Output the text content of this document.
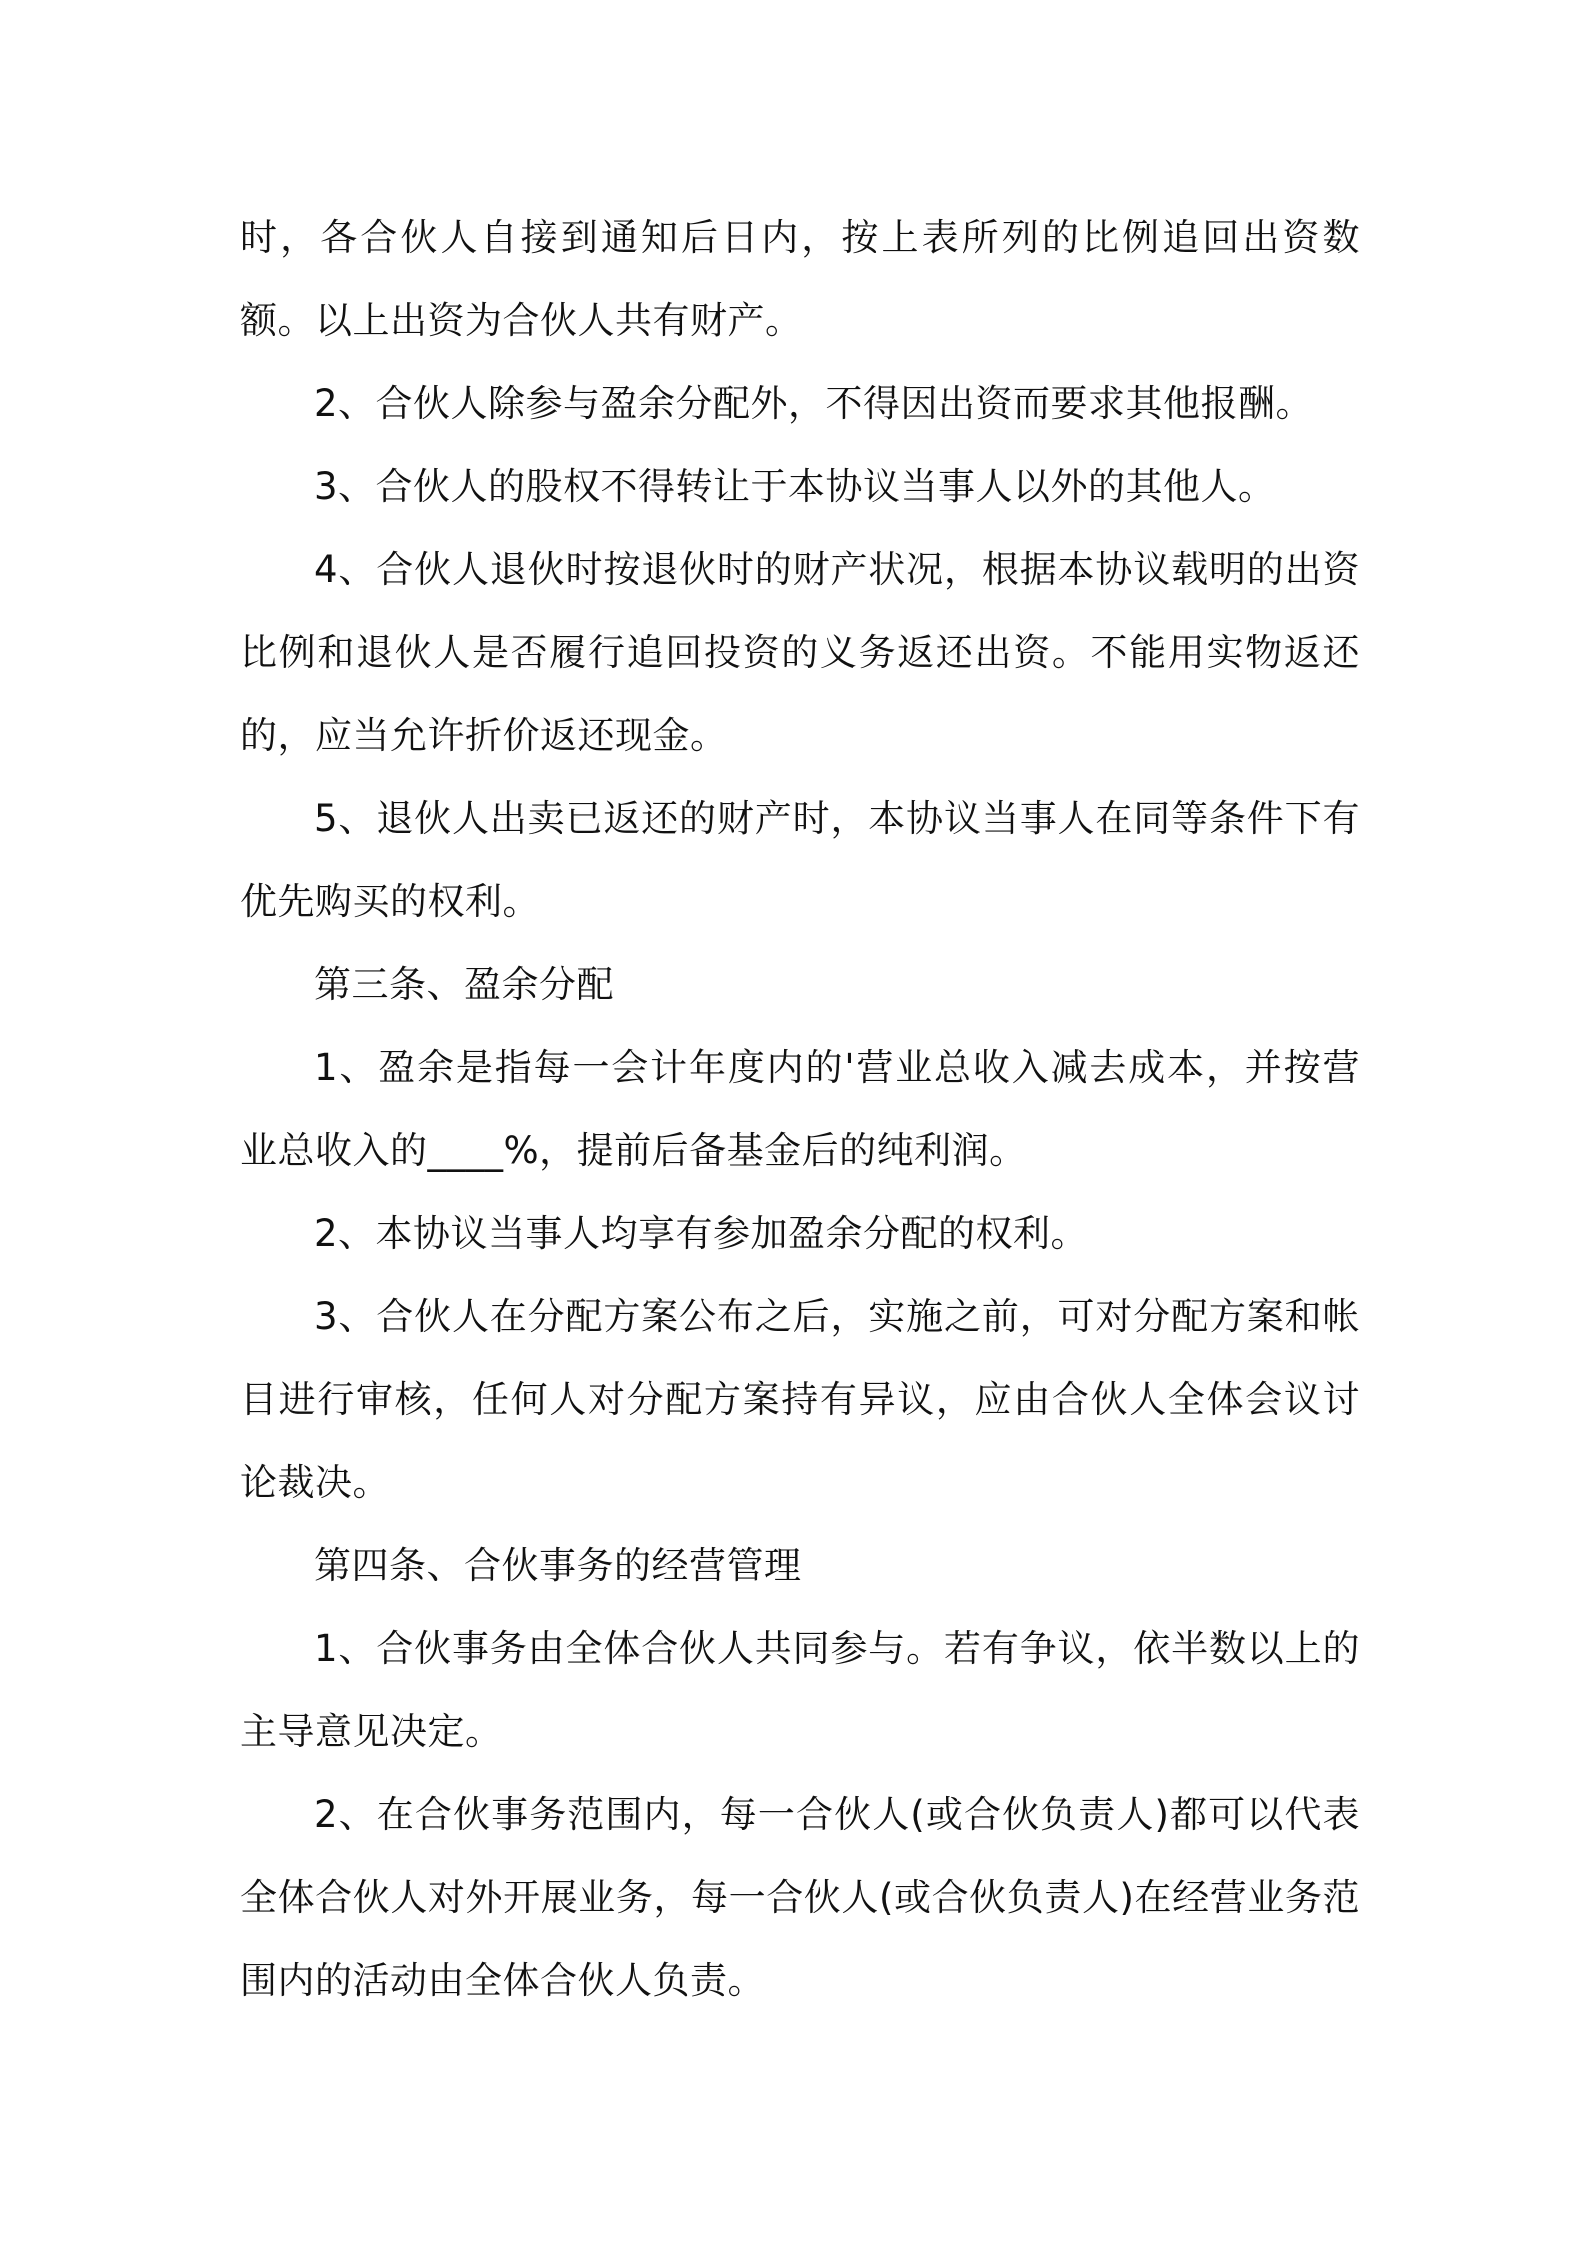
时，各合伙人自接到通知后日内，按上表所列的比例追回出资数额。以上出资为合伙人共有财产。

2、合伙人除参与盈余分配外，不得因出资而要求其他报酬。

3、合伙人的股权不得转让于本协议当事人以外的其他人。

4、合伙人退伙时按退伙时的财产状况，根据本协议载明的出资比例和退伙人是否履行追回投资的义务返还出资。不能用实物返还的，应当允许折价返还现金。

5、退伙人出卖已返还的财产时，本协议当事人在同等条件下有优先购买的权利。

第三条、盈余分配

1、盈余是指每一会计年度内的'营业总收入减去成本，并按营业总收入的____%，提前后备基金后的纯利润。

2、本协议当事人均享有参加盈余分配的权利。

3、合伙人在分配方案公布之后，实施之前，可对分配方案和帐目进行审核，任何人对分配方案持有异议，应由合伙人全体会议讨论裁决。

第四条、合伙事务的经营管理

1、合伙事务由全体合伙人共同参与。若有争议，依半数以上的主导意见决定。

2、在合伙事务范围内，每一合伙人(或合伙负责人)都可以代表全体合伙人对外开展业务，每一合伙人(或合伙负责人)在经营业务范围内的活动由全体合伙人负责。
